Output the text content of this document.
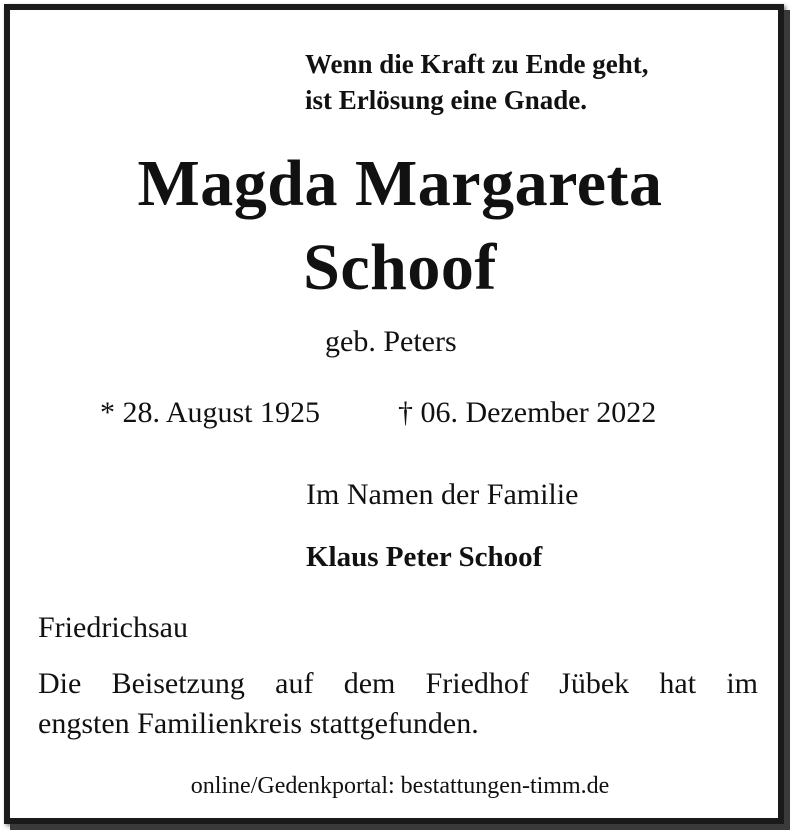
Wenn die Kraft zu Ende geht,
ist Erlösung eine Gnade.

Magda Margareta
Schoof

geb. Peters

* 28. August 1925	† 06. Dezember 2022

Im Namen der Familie

Klaus Peter Schoof

Friedrichsau

Die Beisetzung auf dem Friedhof Jübek hat im
engsten Familienkreis stattgefunden.

online/Gedenkportal: bestattungen-timm.de
